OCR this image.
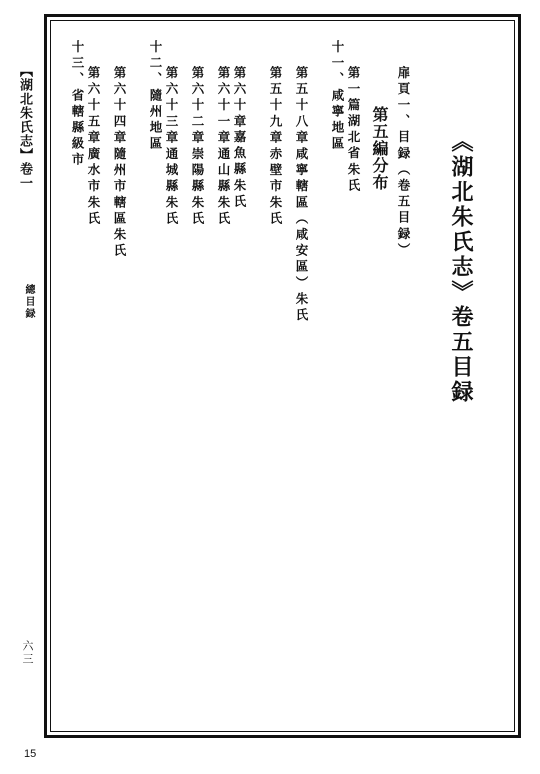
《湖北朱氏志》卷五目録
扉頁一、目録（卷五目録）
第五編分布
第一篇湖北省朱氏
十一、咸寧地區
第五十八章咸寧轄區（咸安區）朱氏
第五十九章赤壁市朱氏
第六十章嘉魚縣朱氏
第六十一章通山縣朱氏
第六十二章崇陽縣朱氏
第六十三章通城縣朱氏
十二、隨州地區
第六十四章隨州市轄區朱氏
第六十五章廣水市朱氏
十三、省轄縣級市
【湖北朱氏志】卷一
總目録
六三
15
